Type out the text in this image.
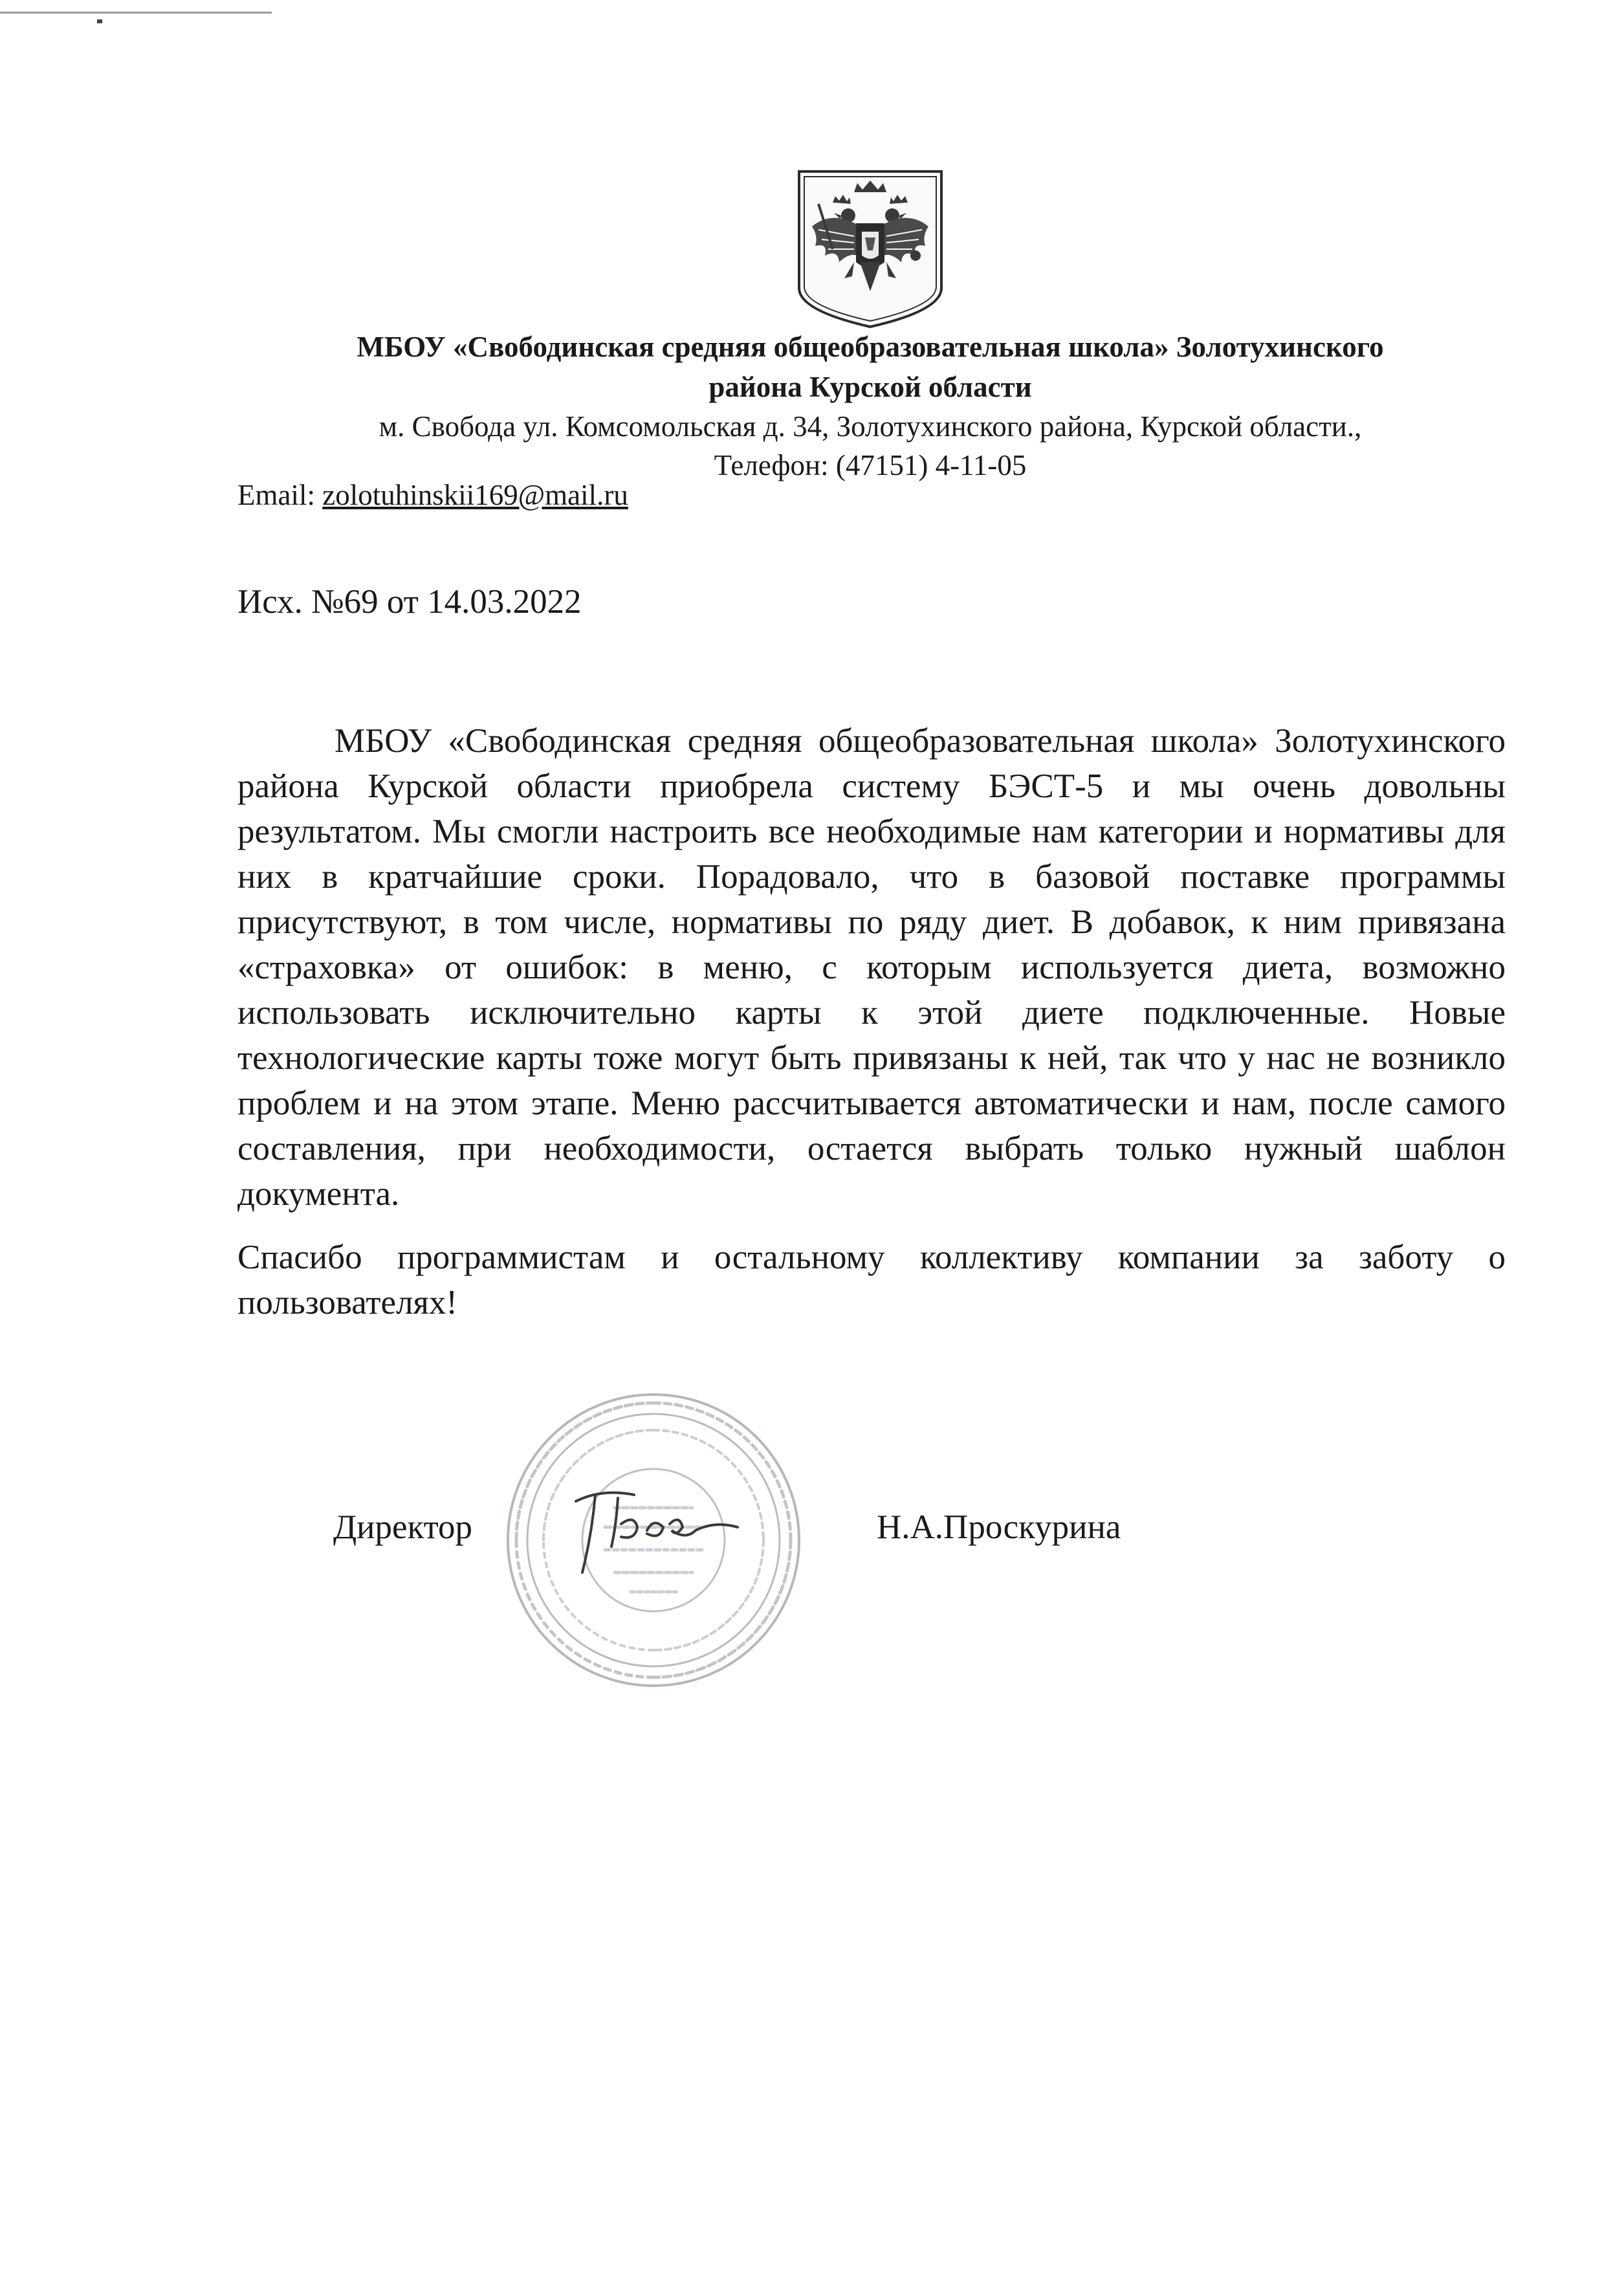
МБОУ «Свободинская средняя общеобразовательная школа» Золотухинского
района Курской области
м. Свобода ул. Комсомольская д. 34, Золотухинского района, Курской области.,
Телефон: (47151) 4-11-05
Email: zolotuhinskii169@mail.ru
Исх. №69 от 14.03.2022

МБОУ «Свободинская средняя общеобразовательная школа» Золотухинского района Курской области приобрела систему БЭСТ-5 и мы очень довольны результатом. Мы смогли настроить все необходимые нам категории и нормативы для них в кратчайшие сроки. Порадовало, что в базовой поставке программы присутствуют, в том числе, нормативы по ряду диет. В добавок, к ним привязана «страховка» от ошибок: в меню, с которым используется диета, возможно использовать исключительно карты к этой диете подключенные. Новые технологические карты тоже могут быть привязаны к ней, так что у нас не возникло проблем и на этом этапе. Меню рассчитывается автоматически и нам, после самого составления, при необходимости, остается выбрать только нужный шаблон документа.

Спасибо программистам и остальному коллективу компании за заботу о пользователях!

Директор	Н.А.Проскурина
